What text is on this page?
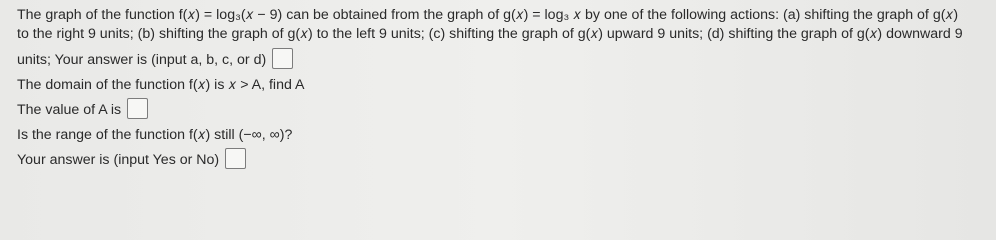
The graph of the function f(𝑥) = log₃(𝑥 − 9) can be obtained from the graph of g(𝑥) = log₃ 𝑥 by one of the following actions: (a) shifting the graph of g(𝑥)
to the right 9 units; (b) shifting the graph of g(𝑥) to the left 9 units; (c) shifting the graph of g(𝑥) upward 9 units; (d) shifting the graph of g(𝑥) downward 9
units; Your answer is (input a, b, c, or d)
The domain of the function f(𝑥) is 𝑥 > A, find A
The value of A is
Is the range of the function f(𝑥) still (−∞, ∞)?
Your answer is (input Yes or No)
